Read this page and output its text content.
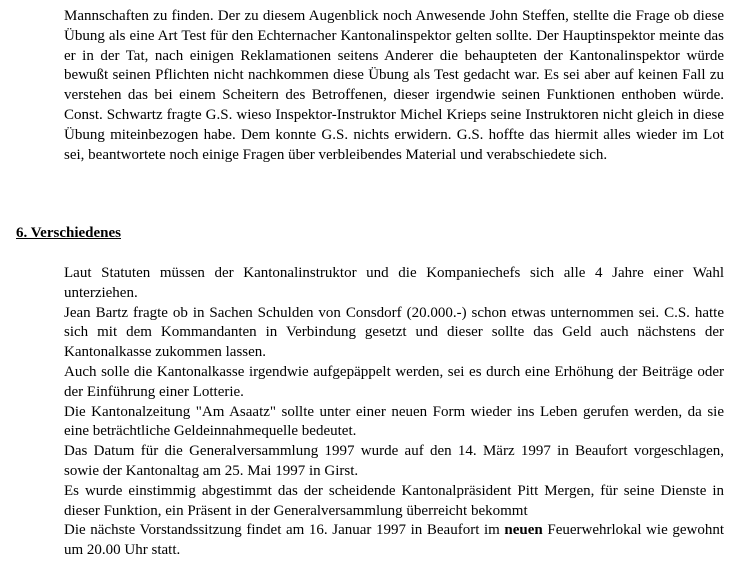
Mannschaften zu finden. Der zu diesem Augenblick noch Anwesende John Steffen, stellte die Frage ob diese Übung als eine Art Test für den Echternacher Kantonalinspektor gelten sollte. Der Hauptinspektor meinte das er in der Tat, nach einigen Reklamationen seitens Anderer die behaupteten der Kantonalinspektor würde bewußt seinen Pflichten nicht nachkommen diese Übung als Test gedacht war. Es sei aber auf keinen Fall zu verstehen das bei einem Scheitern des Betroffenen, dieser irgendwie seinen Funktionen enthoben würde. Const. Schwartz fragte G.S. wieso Inspektor-Instruktor Michel Krieps seine Instruktoren nicht gleich in diese Übung miteinbezogen habe. Dem konnte G.S. nichts erwidern. G.S. hoffte das hiermit alles wieder im Lot sei, beantwortete noch einige Fragen über verbleibendes Material und verabschiedete sich.

6. Verschiedenes

Laut Statuten müssen der Kantonalinstruktor und die Kompaniechefs sich alle 4 Jahre einer Wahl unterziehen.

Jean Bartz fragte ob in Sachen Schulden von Consdorf (20.000.-) schon etwas unternommen sei. C.S. hatte sich mit dem Kommandanten in Verbindung gesetzt und dieser sollte das Geld auch nächstens der Kantonalkasse zukommen lassen.

Auch solle die Kantonalkasse irgendwie aufgepäppelt werden, sei es durch eine Erhöhung der Beiträge oder der Einführung einer Lotterie.

Die Kantonalzeitung "Am Asaatz" sollte unter einer neuen Form wieder ins Leben gerufen werden, da sie eine beträchtliche Geldeinnahmequelle bedeutet.

Das Datum für die Generalversammlung 1997 wurde auf den 14. März 1997 in Beaufort vorgeschlagen, sowie der Kantonaltag am 25. Mai 1997 in Girst.

Es wurde einstimmig abgestimmt das der scheidende Kantonalpräsident Pitt Mergen, für seine Dienste in dieser Funktion, ein Präsent in der Generalversammlung überreicht bekommt

Die nächste Vorstandssitzung findet am 16. Januar 1997 in Beaufort im neuen Feuerwehrlokal wie gewohnt um 20.00 Uhr statt.
